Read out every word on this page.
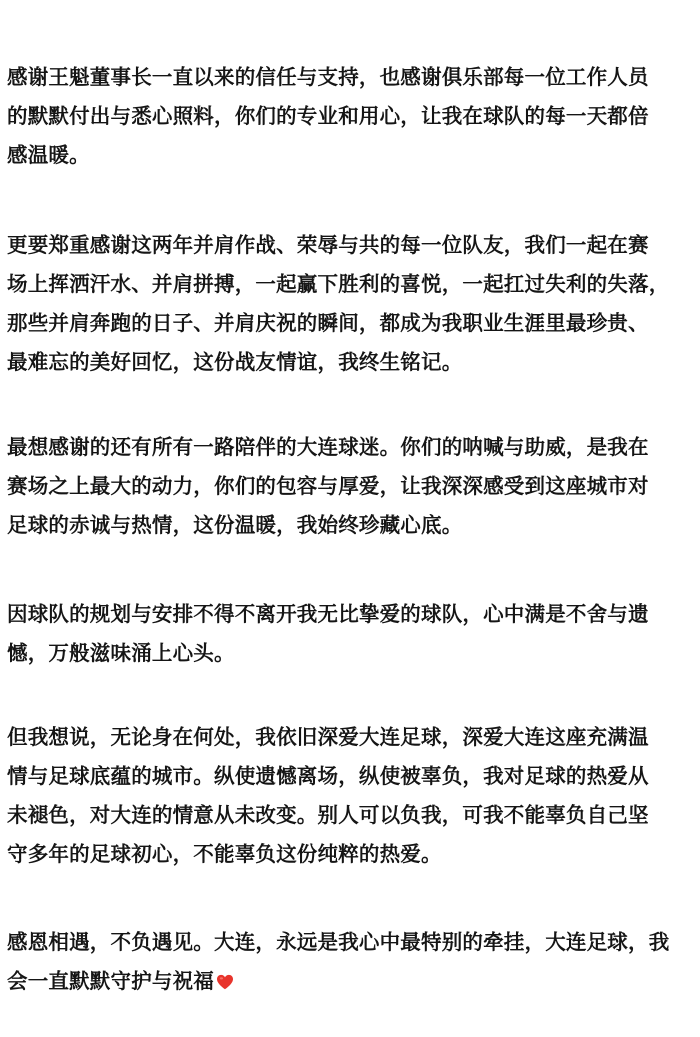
感谢王魁董事长一直以来的信任与支持，也感谢俱乐部每一位工作人员
的默默付出与悉心照料，你们的专业和用心，让我在球队的每一天都倍
感温暖。

更要郑重感谢这两年并肩作战、荣辱与共的每一位队友，我们一起在赛
场上挥洒汗水、并肩拼搏，一起赢下胜利的喜悦，一起扛过失利的失落，
那些并肩奔跑的日子、并肩庆祝的瞬间，都成为我职业生涯里最珍贵、
最难忘的美好回忆，这份战友情谊，我终生铭记。

最想感谢的还有所有一路陪伴的大连球迷。你们的呐喊与助威，是我在
赛场之上最大的动力，你们的包容与厚爱，让我深深感受到这座城市对
足球的赤诚与热情，这份温暖，我始终珍藏心底。

因球队的规划与安排不得不离开我无比挚爱的球队，心中满是不舍与遗
憾，万般滋味涌上心头。

但我想说，无论身在何处，我依旧深爱大连足球，深爱大连这座充满温
情与足球底蕴的城市。纵使遗憾离场，纵使被辜负，我对足球的热爱从
未褪色，对大连的情意从未改变。别人可以负我，可我不能辜负自己坚
守多年的足球初心，不能辜负这份纯粹的热爱。

感恩相遇，不负遇见。大连，永远是我心中最特别的牵挂，大连足球，我
会一直默默守护与祝福
